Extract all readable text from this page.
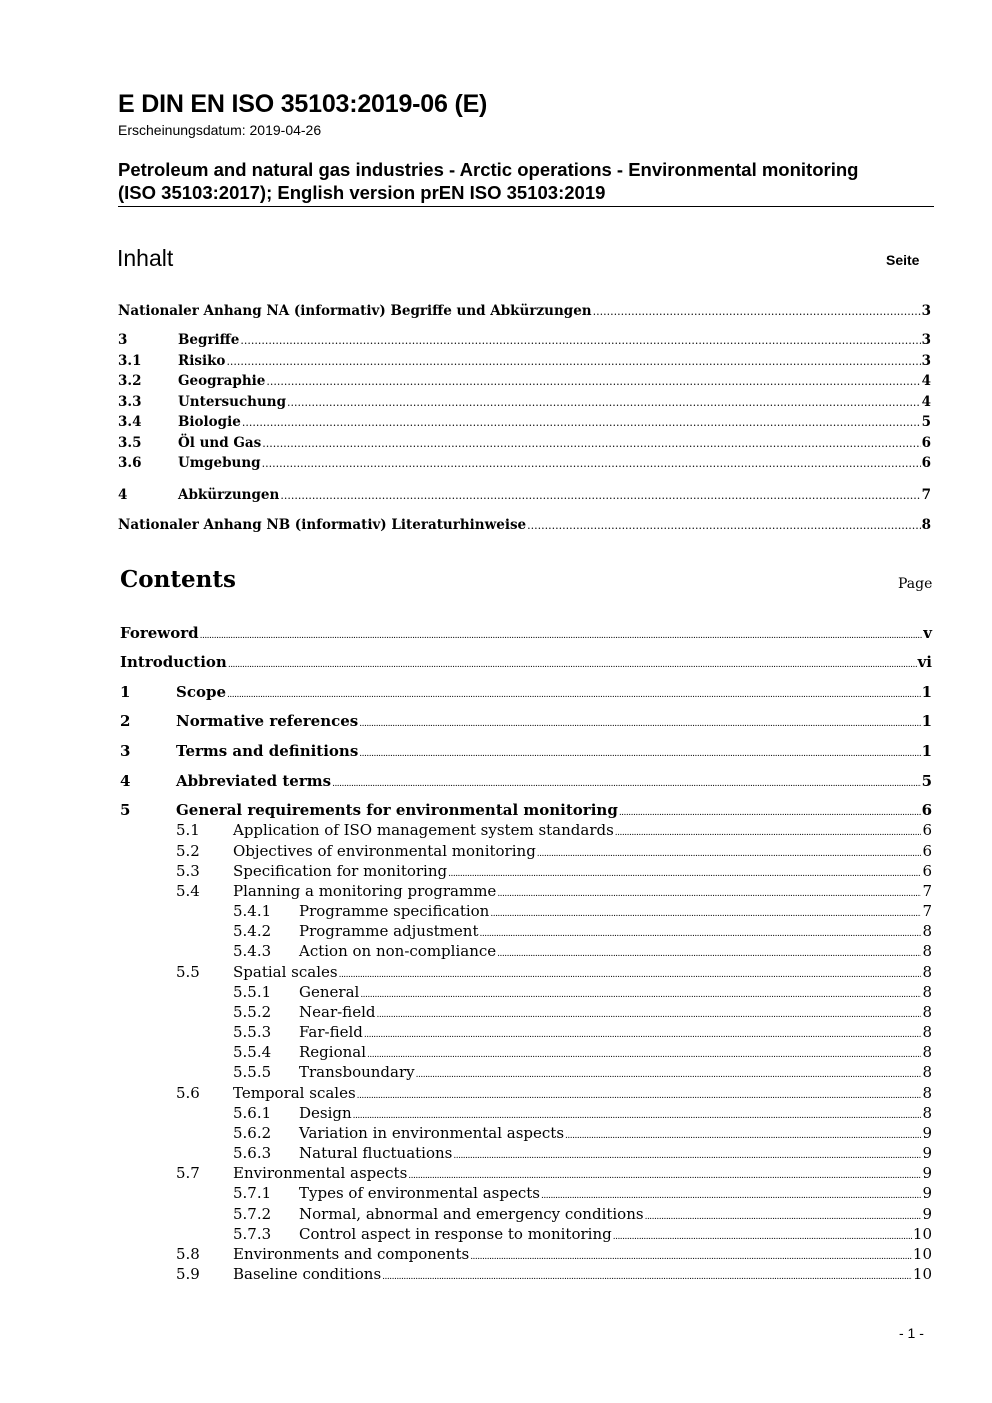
E DIN EN ISO 35103:2019-06 (E)
Erscheinungsdatum: 2019-04-26
Petroleum and natural gas industries - Arctic operations - Environmental monitoring
(ISO 35103:2017); English version prEN ISO 35103:2019
Inhalt	Seite
Nationaler Anhang NA (informativ) Begriffe und Abkürzungen .....	3
3	Begriffe .....	3
3.1	Risiko .....	3
3.2	Geographie .....	4
3.3	Untersuchung .....	4
3.4	Biologie .....	5
3.5	Öl und Gas .....	6
3.6	Umgebung .....	6
4	Abkürzungen .....	7
Nationaler Anhang NB (informativ) Literaturhinweise .....	8
Contents	Page
Foreword .....	v
Introduction .....	vi
1	Scope .....	1
2	Normative references .....	1
3	Terms and definitions .....	1
4	Abbreviated terms .....	5
5	General requirements for environmental monitoring .....	6
5.1	Application of ISO management system standards .....	6
5.2	Objectives of environmental monitoring .....	6
5.3	Specification for monitoring .....	6
5.4	Planning a monitoring programme .....	7
5.4.1	Programme specification .....	7
5.4.2	Programme adjustment .....	8
5.4.3	Action on non-compliance .....	8
5.5	Spatial scales .....	8
5.5.1	General .....	8
5.5.2	Near-field .....	8
5.5.3	Far-field .....	8
5.5.4	Regional .....	8
5.5.5	Transboundary .....	8
5.6	Temporal scales .....	8
5.6.1	Design .....	8
5.6.2	Variation in environmental aspects .....	9
5.6.3	Natural fluctuations .....	9
5.7	Environmental aspects .....	9
5.7.1	Types of environmental aspects .....	9
5.7.2	Normal, abnormal and emergency conditions .....	9
5.7.3	Control aspect in response to monitoring .....	10
5.8	Environments and components .....	10
5.9	Baseline conditions .....	10
- 1 -
